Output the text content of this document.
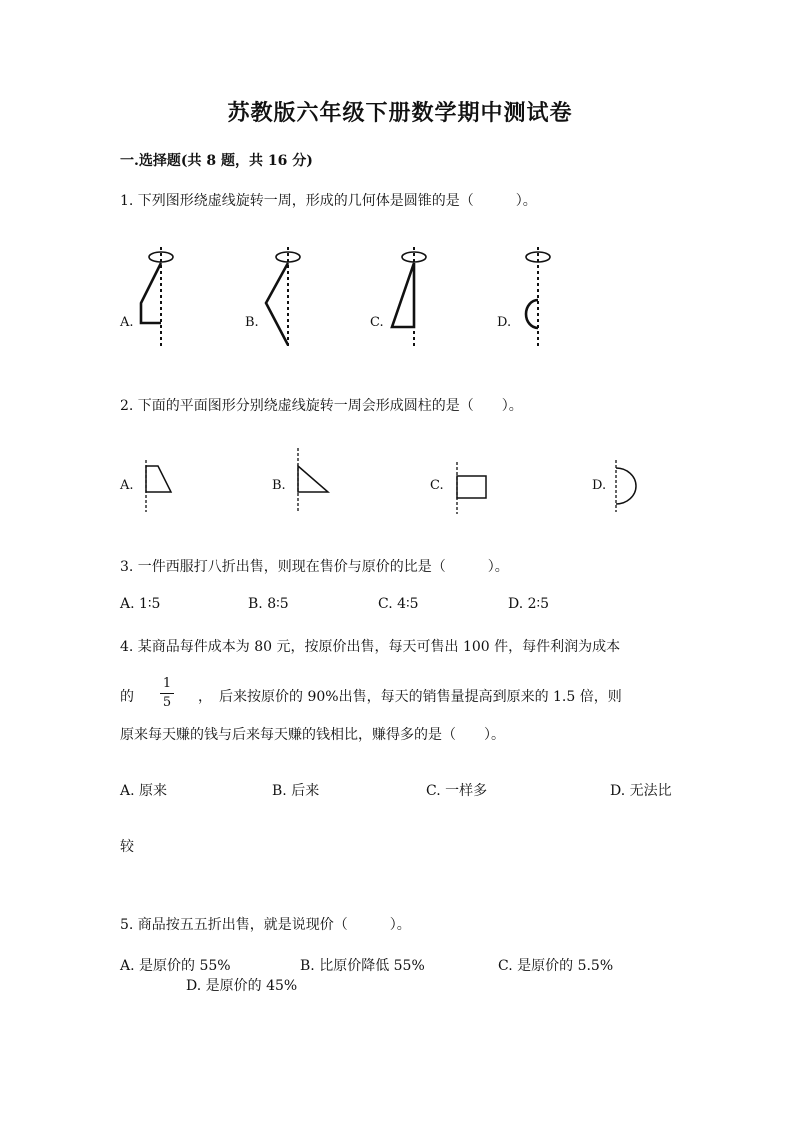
苏教版六年级下册数学期中测试卷
一.选择题(共 8 题，共 16 分)
1. 下列图形绕虚线旋转一周，形成的几何体是圆锥的是（　　　）。
A.	B.	C.	D.
2. 下面的平面图形分别绕虚线旋转一周会形成圆柱的是（　　）。
A.	B.	C.	D.
3. 一件西服打八折出售，则现在售价与原价的比是（　　　）。
A. 1∶5	B. 8∶5	C. 4∶5	D. 2∶5
4. 某商品每件成本为 80 元，按原价出售，每天可售出 100 件，每件利润为成本
的
1
5 ，　后来按原价的 90%出售，每天的销售量提高到原来的 1.5 倍，则
原来每天赚的钱与后来每天赚的钱相比，赚得多的是（　　）。
A. 原来	B. 后来	C. 一样多	D. 无法比
较
5. 商品按五五折出售，就是说现价（　　　）。
A. 是原价的 55%	B. 比原价降低 55%	C. 是原价的 5.5%
D. 是原价的 45%
